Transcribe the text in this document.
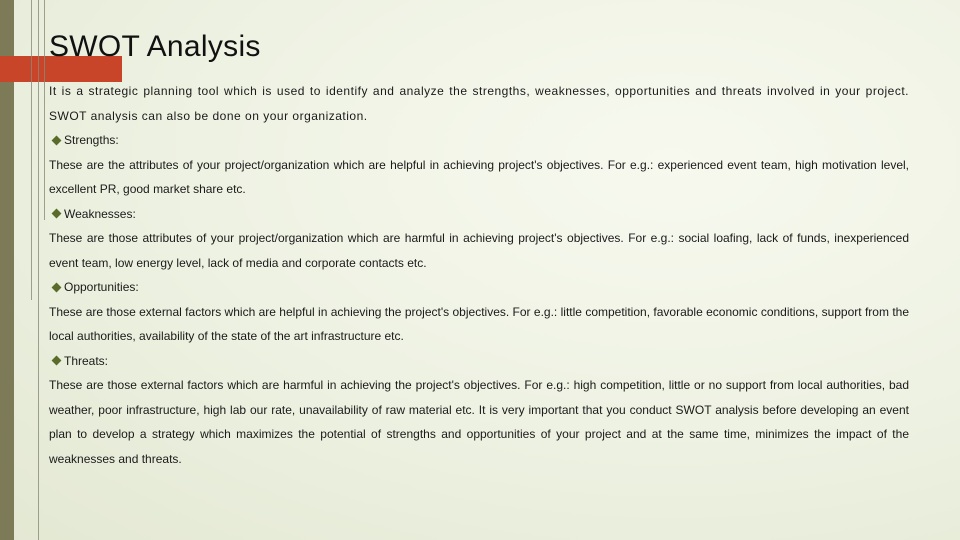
SWOT Analysis

It is a strategic planning tool which is used to identify and analyze the strengths, weaknesses, opportunities and threats involved in your project. SWOT analysis can also be done on your organization.

Strengths:

These are the attributes of your project/organization which are helpful in achieving project's objectives. For e.g.: experienced event team, high motivation level, excellent PR, good market share etc.

Weaknesses:

These are those attributes of your project/organization which are harmful in achieving project's objectives. For e.g.: social loafing, lack of funds, inexperienced event team, low energy level, lack of media and corporate contacts etc.

Opportunities:

These are those external factors which are helpful in achieving the project's objectives. For e.g.: little competition, favorable economic conditions, support from the local authorities, availability of the state of the art infrastructure etc.

Threats:

These are those external factors which are harmful in achieving the project's objectives. For e.g.: high competition, little or no support from local authorities, bad weather, poor infrastructure, high lab our rate, unavailability of raw material etc. It is very important that you conduct SWOT analysis before developing an event plan to develop a strategy which maximizes the potential of strengths and opportunities of your project and at the same time, minimizes the impact of the weaknesses and threats.
